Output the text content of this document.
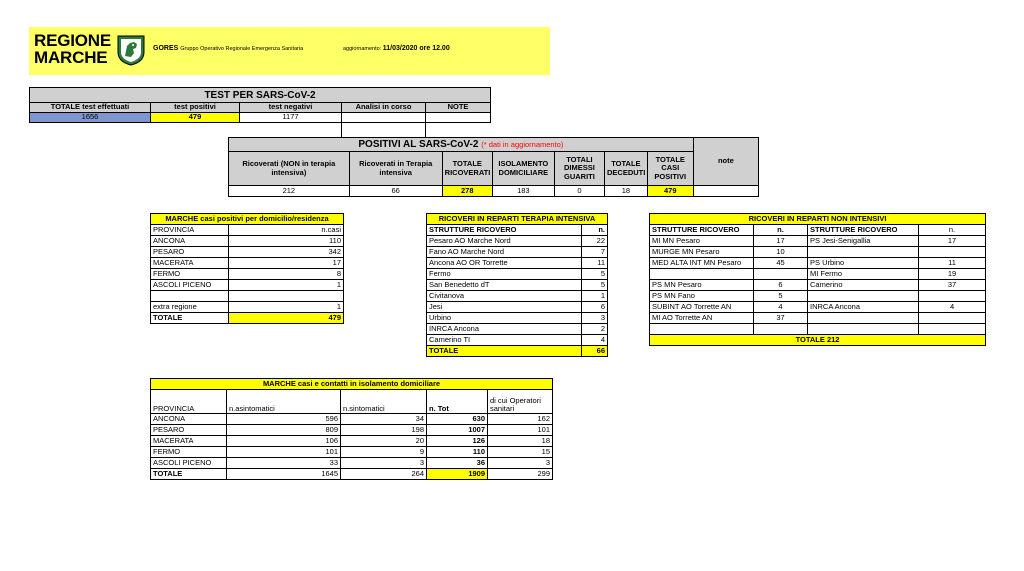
REGIONE
MARCHE	GORES Gruppo Operativo Regionale Emergenza Sanitaria	aggiornamento: 11/03/2020 ore 12.00
TEST PER SARS-CoV-2				
TOTALE test effettuati	test positivi	test negativi	Analisi in corso	NOTE
1656	479	1177		
POSITIVI AL SARS-CoV-2 (* dati in aggiornamento)							note
Ricoverati (NON in terapia intensiva)	Ricoverati in Terapia intensiva	TOTALE RICOVERATI	ISOLAMENTO DOMICILIARE	TOTALI DIMESSI GUARITI	TOTALE DECEDUTI	TOTALE CASI POSITIVI	
212	66	278	183	0	18	479	
MARCHE casi positivi per domicilio/residenza	
PROVINCIA	n.casi
ANCONA	110
PESARO	342
MACERATA	17
FERMO	8
ASCOLI PICENO	1

extra regione	1
TOTALE	479
RICOVERI IN REPARTI TERAPIA INTENSIVA	
STRUTTURE RICOVERO	n.
Pesaro AO Marche Nord	22
Fano AO Marche Nord	7
Ancona AO OR Torrette	11
Fermo	5
San Benedetto dT	5
Civitanova	1
Jesi	6
Urbino	3
INRCA Ancona	2
Camerino TI	4
TOTALE	66
RICOVERI IN REPARTI NON INTENSIVI			
STRUTTURE RICOVERO	n.	STRUTTURE RICOVERO	n.
MI MN Pesaro	17	PS Jesi-Senigallia	17
MURGE MN Pesaro	10		
MED ALTA INT MN Pesaro	45	PS Urbino	11
		MI Fermo	19
PS MN Pesaro	6	Camerino	37
PS MN Fano	5		
SUBINT AO Torrette AN	4	INRCA Ancona	4
MI AO Torrette AN	37		

TOTALE 212			
MARCHE casi e contatti in isolamento domiciliare				
PROVINCIA	n.asintomatici	n.sintomatici	n. Tot	di cui Operatori sanitari
ANCONA	596	34	630	162
PESARO	809	198	1007	101
MACERATA	106	20	126	18
FERMO	101	9	110	15
ASCOLI PICENO	33	3	36	3
TOTALE	1645	264	1909	299
